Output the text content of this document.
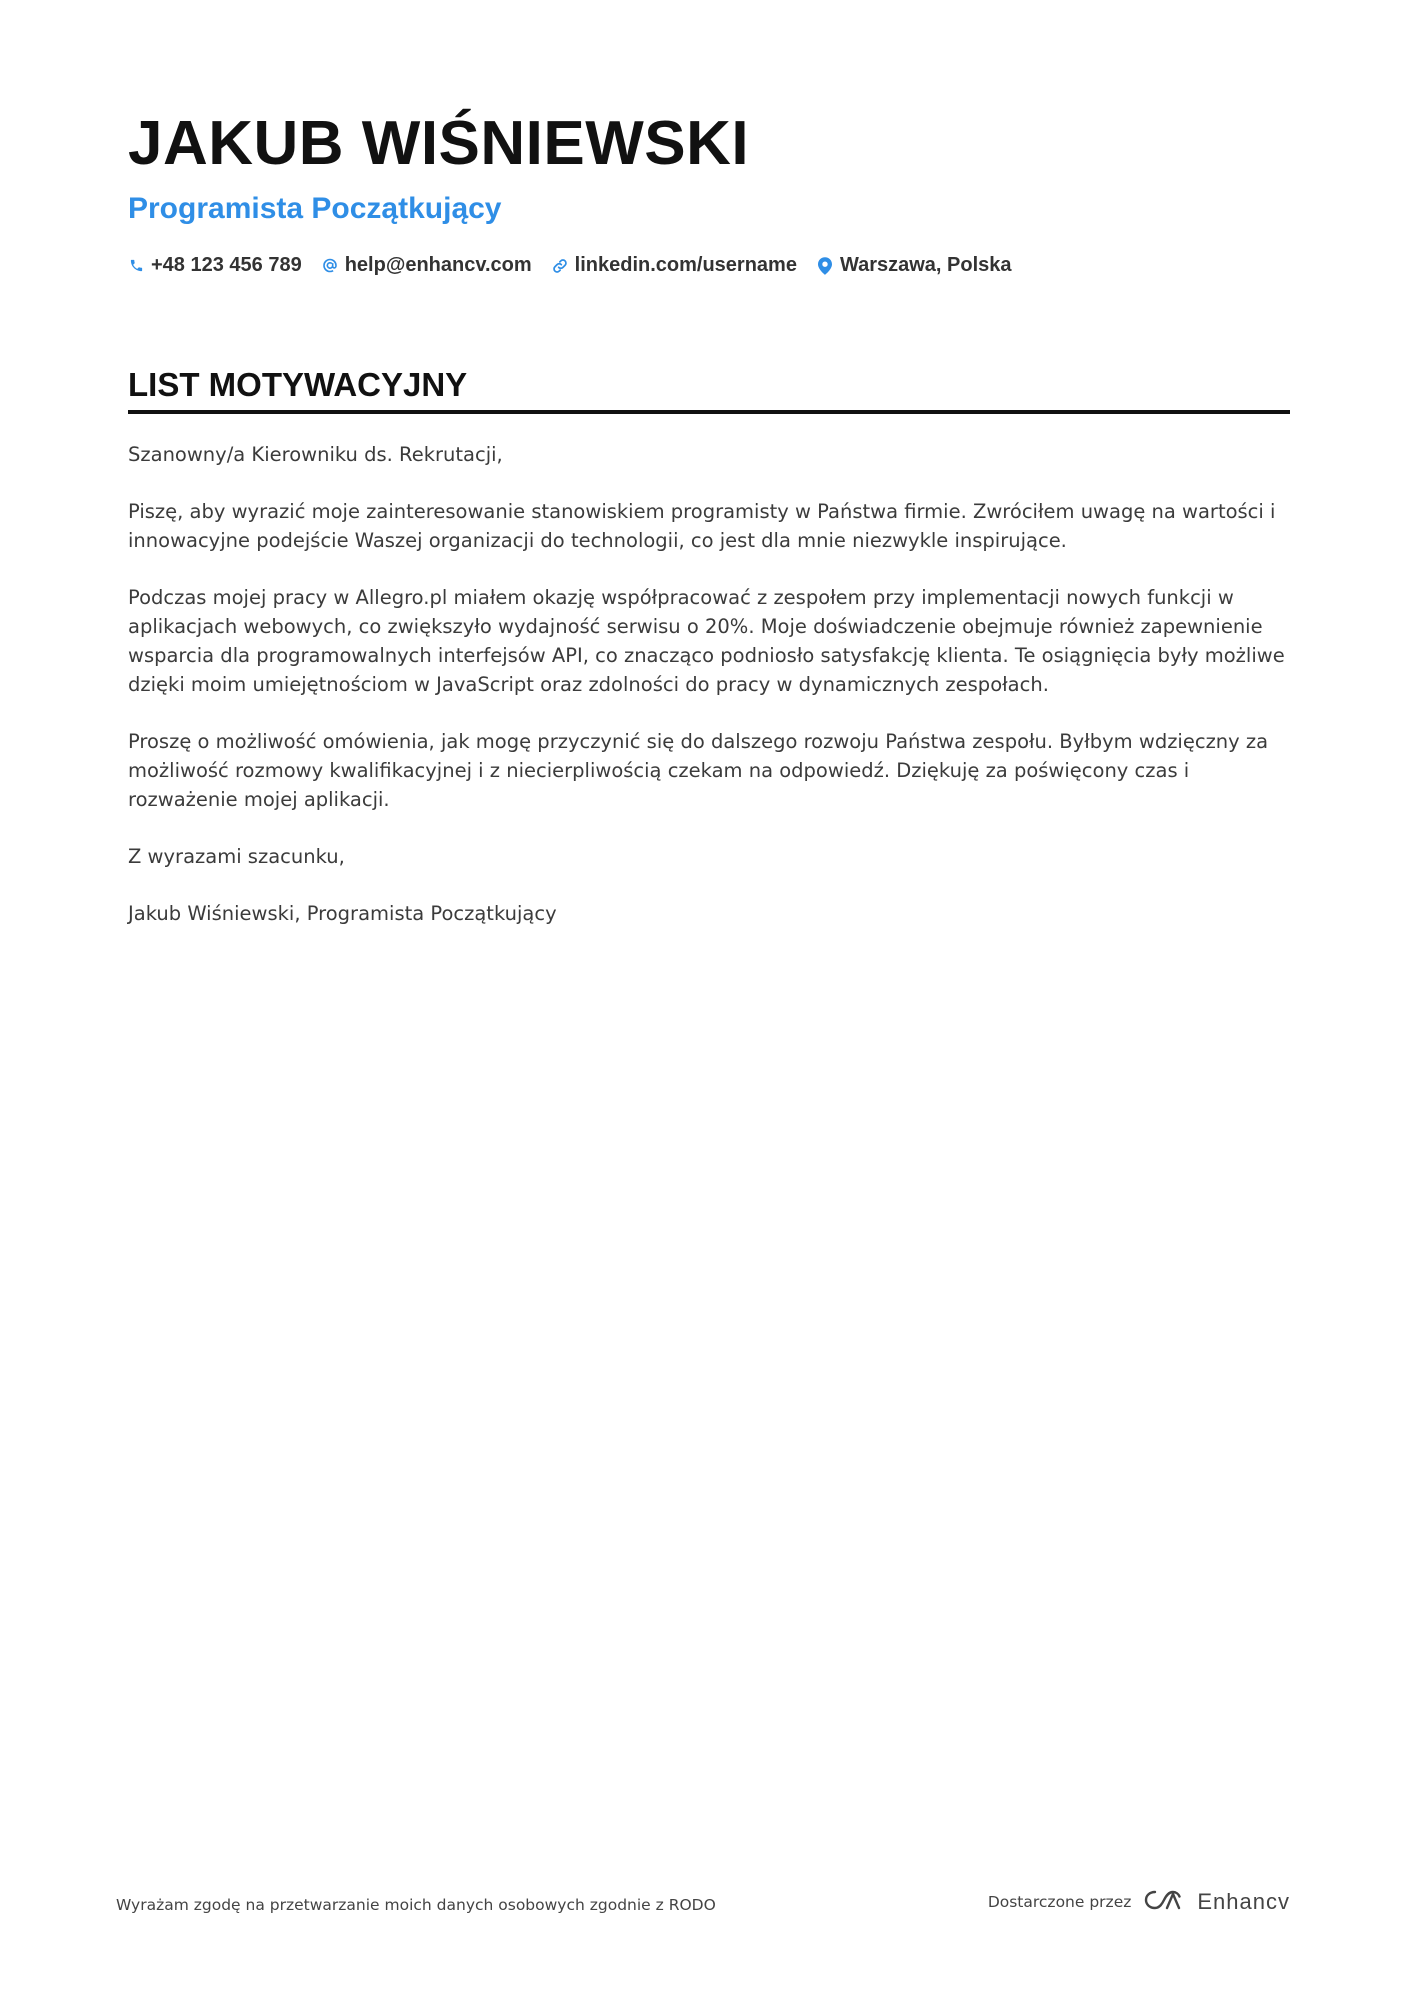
JAKUB WIŚNIEWSKI
Programista Początkujący
+48 123 456 789 help@enhancv.com linkedin.com/username Warszawa, Polska
LIST MOTYWACYJNY

Szanowny/a Kierowniku ds. Rekrutacji,

Piszę, aby wyrazić moje zainteresowanie stanowiskiem programisty w Państwa firmie. Zwróciłem uwagę na wartości i innowacyjne podejście Waszej organizacji do technologii, co jest dla mnie niezwykle inspirujące.

Podczas mojej pracy w Allegro.pl miałem okazję współpracować z zespołem przy implementacji nowych funkcji w aplikacjach webowych, co zwiększyło wydajność serwisu o 20%. Moje doświadczenie obejmuje również zapewnienie wsparcia dla programowalnych interfejsów API, co znacząco podniosło satysfakcję klienta. Te osiągnięcia były możliwe dzięki moim umiejętnościom w JavaScript oraz zdolności do pracy w dynamicznych zespołach.

Proszę o możliwość omówienia, jak mogę przyczynić się do dalszego rozwoju Państwa zespołu. Byłbym wdzięczny za możliwość rozmowy kwalifikacyjnej i z niecierpliwością czekam na odpowiedź. Dziękuję za poświęcony czas i rozważenie mojej aplikacji.

Z wyrazami szacunku,

Jakub Wiśniewski, Programista Początkujący

Wyrażam zgodę na przetwarzanie moich danych osobowych zgodnie z RODO	Dostarczone przez	Enhancv
